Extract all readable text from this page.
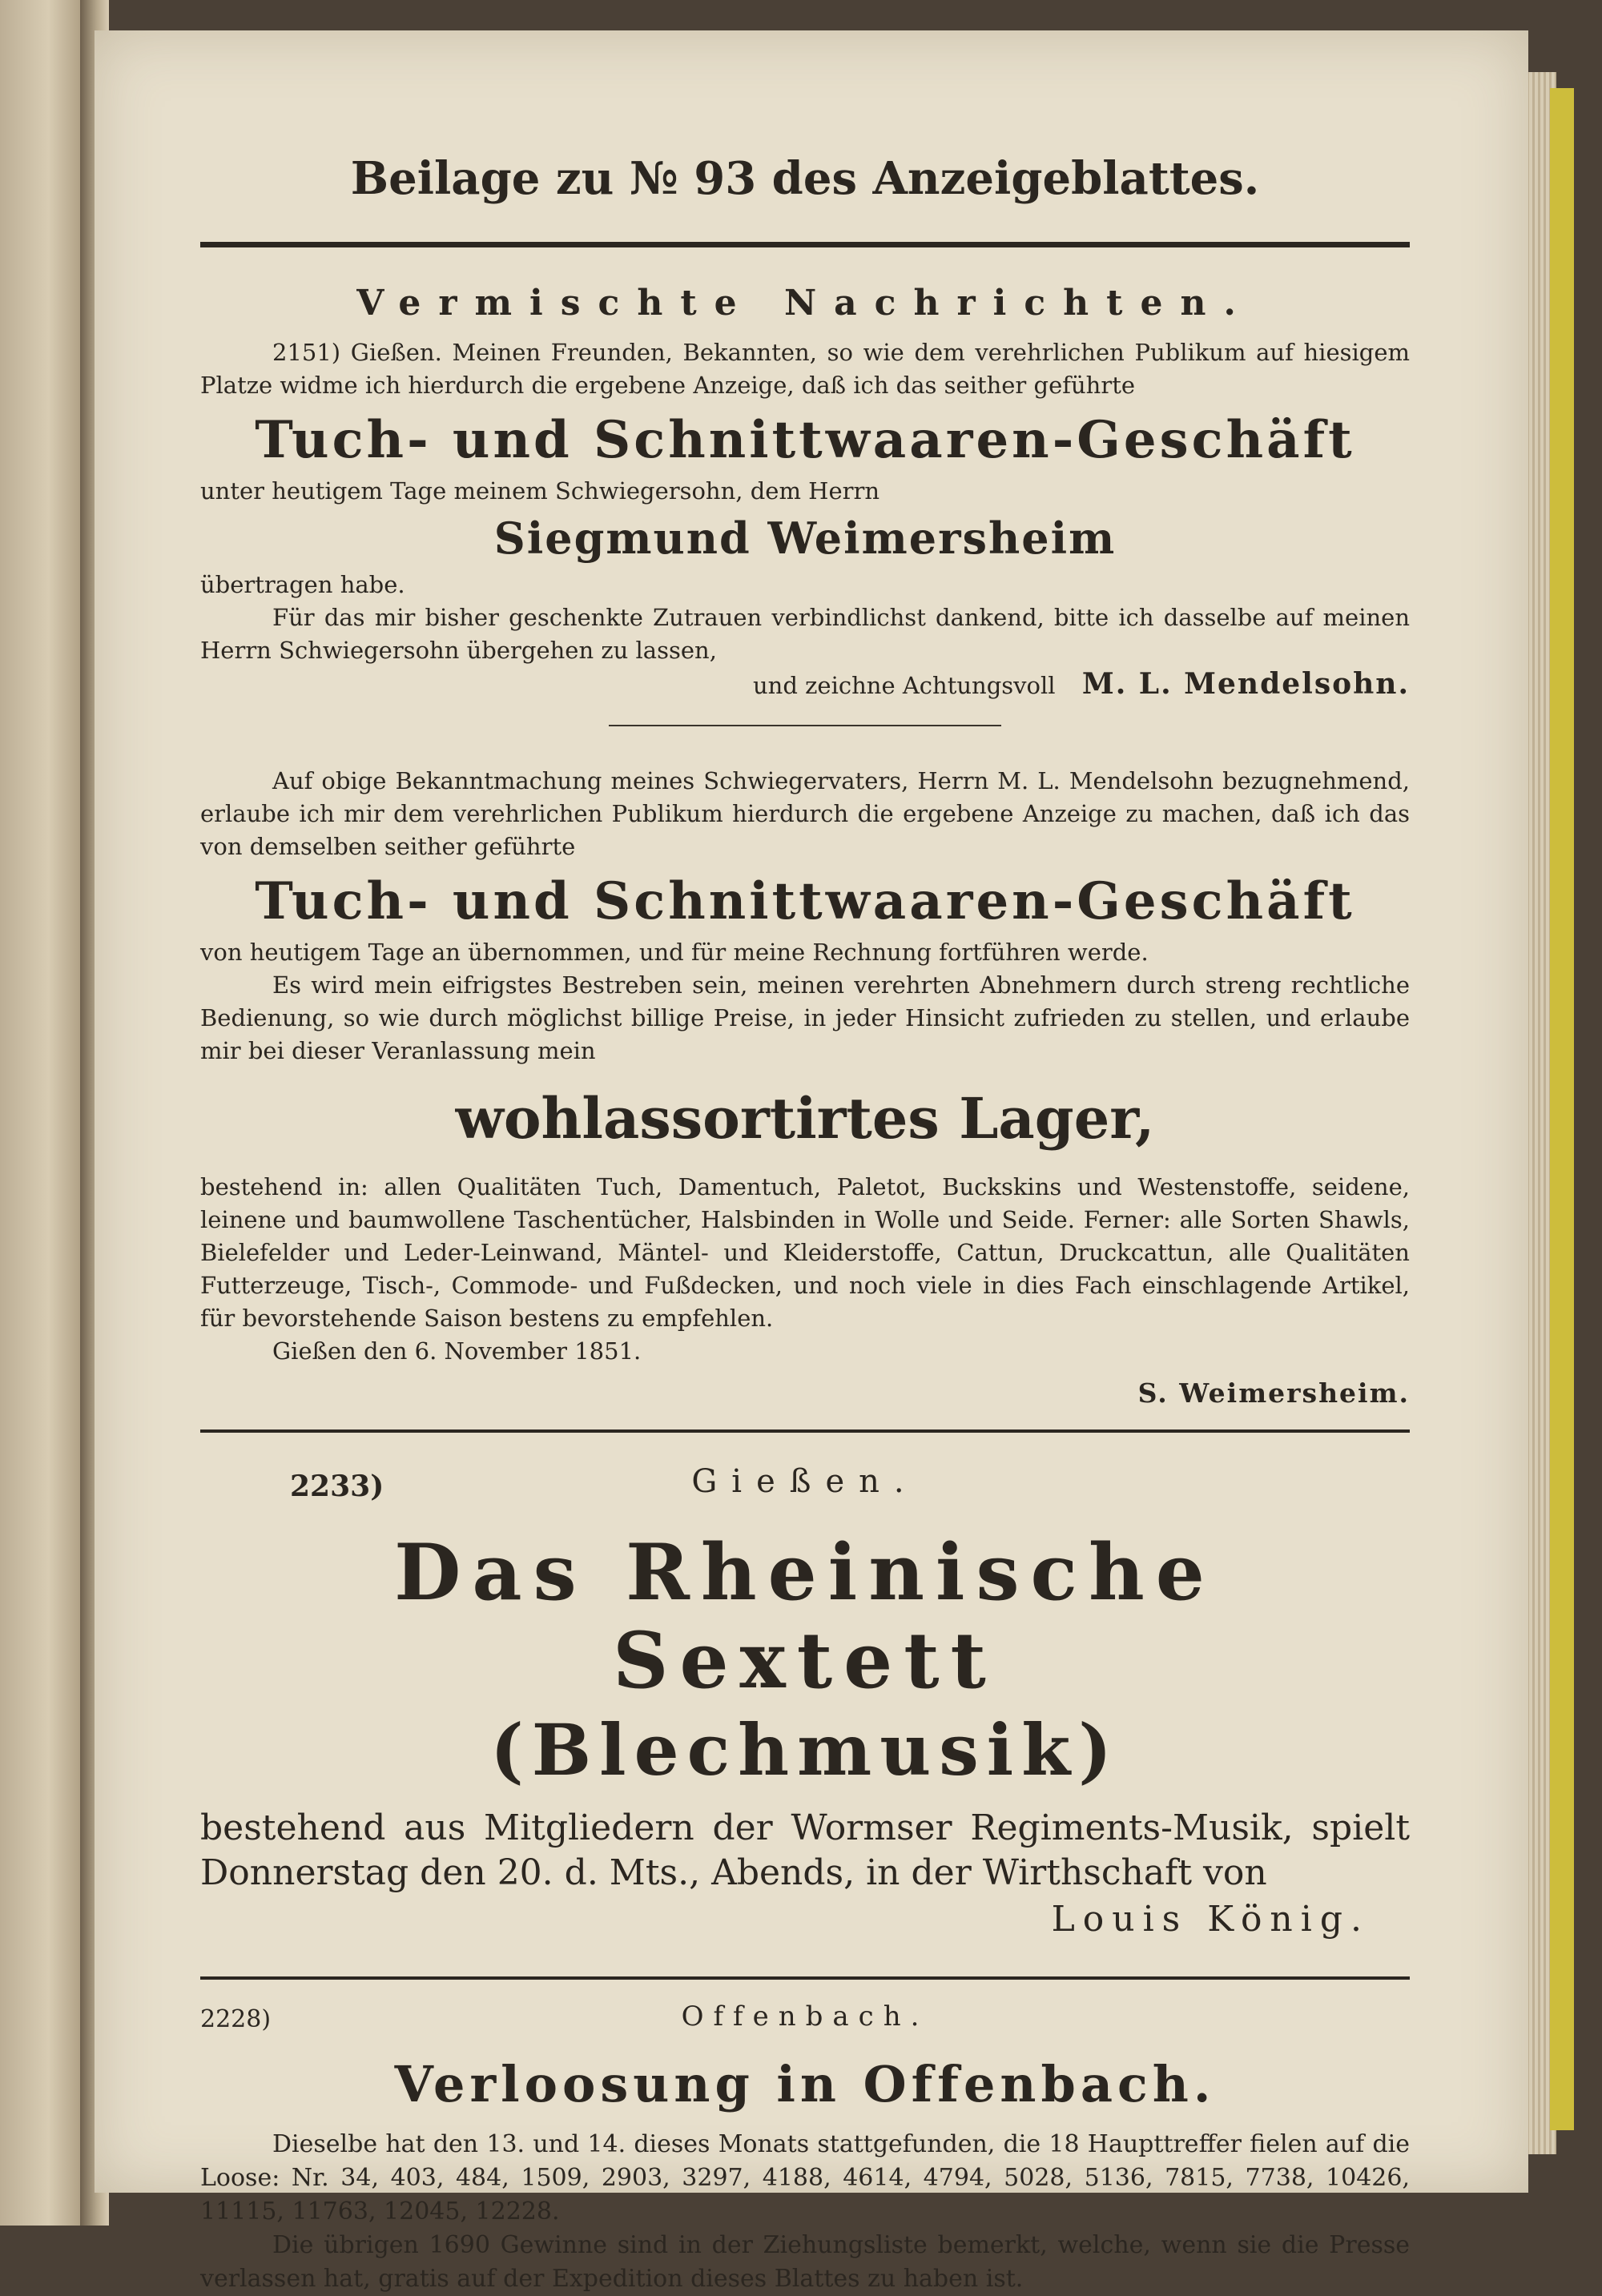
Beilage zu № 93 des Anzeigeblattes.
Vermischte Nachrichten.

2151) Gießen. Meinen Freunden, Bekannten, so wie dem verehrlichen Publikum auf hiesigem Platze widme ich hierdurch die ergebene Anzeige, daß ich das seither geführte

Tuch- und Schnittwaaren-Geschäft

unter heutigem Tage meinem Schwiegersohn, dem Herrn

Siegmund Weimersheim

übertragen habe.

Für das mir bisher geschenkte Zutrauen verbindlichst dankend, bitte ich dasselbe auf meinen Herrn Schwiegersohn übergehen zu lassen,

und zeichne Achtungsvoll M. L. Mendelsohn.

Auf obige Bekanntmachung meines Schwiegervaters, Herrn M. L. Mendelsohn bezugnehmend, erlaube ich mir dem verehrlichen Publikum hierdurch die ergebene Anzeige zu machen, daß ich das von demselben seither geführte

Tuch- und Schnittwaaren-Geschäft

von heutigem Tage an übernommen, und für meine Rechnung fortführen werde.

Es wird mein eifrigstes Bestreben sein, meinen verehrten Abnehmern durch streng rechtliche Bedienung, so wie durch möglichst billige Preise, in jeder Hinsicht zufrieden zu stellen, und erlaube mir bei dieser Veranlassung mein

wohlassortirtes Lager,

bestehend in: allen Qualitäten Tuch, Damentuch, Paletot, Buckskins und Westenstoffe, seidene, leinene und baumwollene Taschentücher, Halsbinden in Wolle und Seide. Ferner: alle Sorten Shawls, Bielefelder und Leder-Leinwand, Mäntel- und Kleiderstoffe, Cattun, Druckcattun, alle Qualitäten Futterzeuge, Tisch-, Commode- und Fußdecken, und noch viele in dies Fach einschlagende Artikel, für bevorstehende Saison bestens zu empfehlen.

Gießen den 6. November 1851.

S. Weimersheim.
2233)	Gießen.
Das Rheinische Sextett
(Blechmusik)
bestehend aus Mitgliedern der Wormser Regiments-Musik, spielt Donnerstag den 20. d. Mts., Abends, in der Wirthschaft von
Louis König.
2228)	Offenbach.
Verloosung in Offenbach.

Dieselbe hat den 13. und 14. dieses Monats stattgefunden, die 18 Haupttreffer fielen auf die Loose: Nr. 34, 403, 484, 1509, 2903, 3297, 4188, 4614, 4794, 5028, 5136, 7815, 7738, 10426, 11115, 11763, 12045, 12228.

Die übrigen 1690 Gewinne sind in der Ziehungsliste bemerkt, welche, wenn sie die Presse verlassen hat, gratis auf der Expedition dieses Blattes zu haben ist.
